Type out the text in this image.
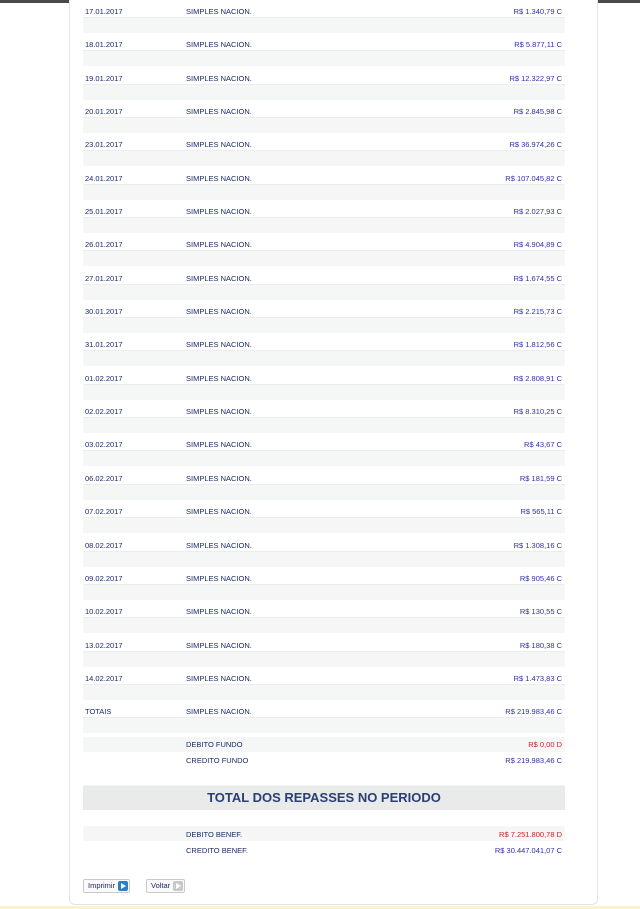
17.01.2017	SIMPLES NACION.	R$ 1.340,79 C
18.01.2017	SIMPLES NACION.	R$ 5.877,11 C
19.01.2017	SIMPLES NACION.	R$ 12.322,97 C
20.01.2017	SIMPLES NACION.	R$ 2.845,98 C
23.01.2017	SIMPLES NACION.	R$ 36.974,26 C
24.01.2017	SIMPLES NACION.	R$ 107.045,82 C
25.01.2017	SIMPLES NACION.	R$ 2.027,93 C
26.01.2017	SIMPLES NACION.	R$ 4.904,89 C
27.01.2017	SIMPLES NACION.	R$ 1.674,55 C
30.01.2017	SIMPLES NACION.	R$ 2.215,73 C
31.01.2017	SIMPLES NACION.	R$ 1.812,56 C
01.02.2017	SIMPLES NACION.	R$ 2.808,91 C
02.02.2017	SIMPLES NACION.	R$ 8.310,25 C
03.02.2017	SIMPLES NACION.	R$ 43,67 C
06.02.2017	SIMPLES NACION.	R$ 181,59 C
07.02.2017	SIMPLES NACION.	R$ 565,11 C
08.02.2017	SIMPLES NACION.	R$ 1.308,16 C
09.02.2017	SIMPLES NACION.	R$ 905,46 C
10.02.2017	SIMPLES NACION.	R$ 130,55 C
13.02.2017	SIMPLES NACION.	R$ 180,38 C
14.02.2017	SIMPLES NACION.	R$ 1.473,83 C
TOTAIS	SIMPLES NACION.	R$ 219.983,46 C
DEBITO FUNDO	R$ 0,00 D
CREDITO FUNDO	R$ 219.983,46 C
TOTAL DOS REPASSES NO PERIODO
DEBITO BENEF.	R$ 7.251.800,78 D
CREDITO BENEF.	R$ 30.447.041,07 C
Imprimir	Voltar
